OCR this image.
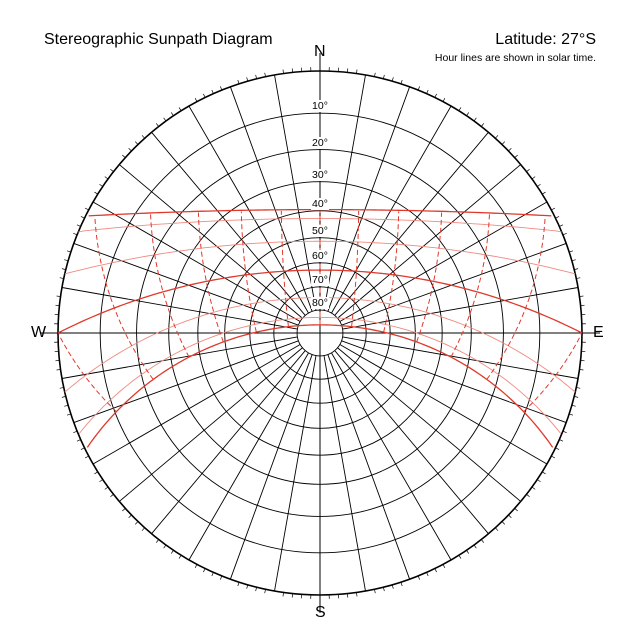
Stereographic Sunpath Diagram	Latitude: 27°S
Hour lines are shown in solar time.
N
S
E
W
10°
20°
30°
40°
50°
60°
70°
80°
